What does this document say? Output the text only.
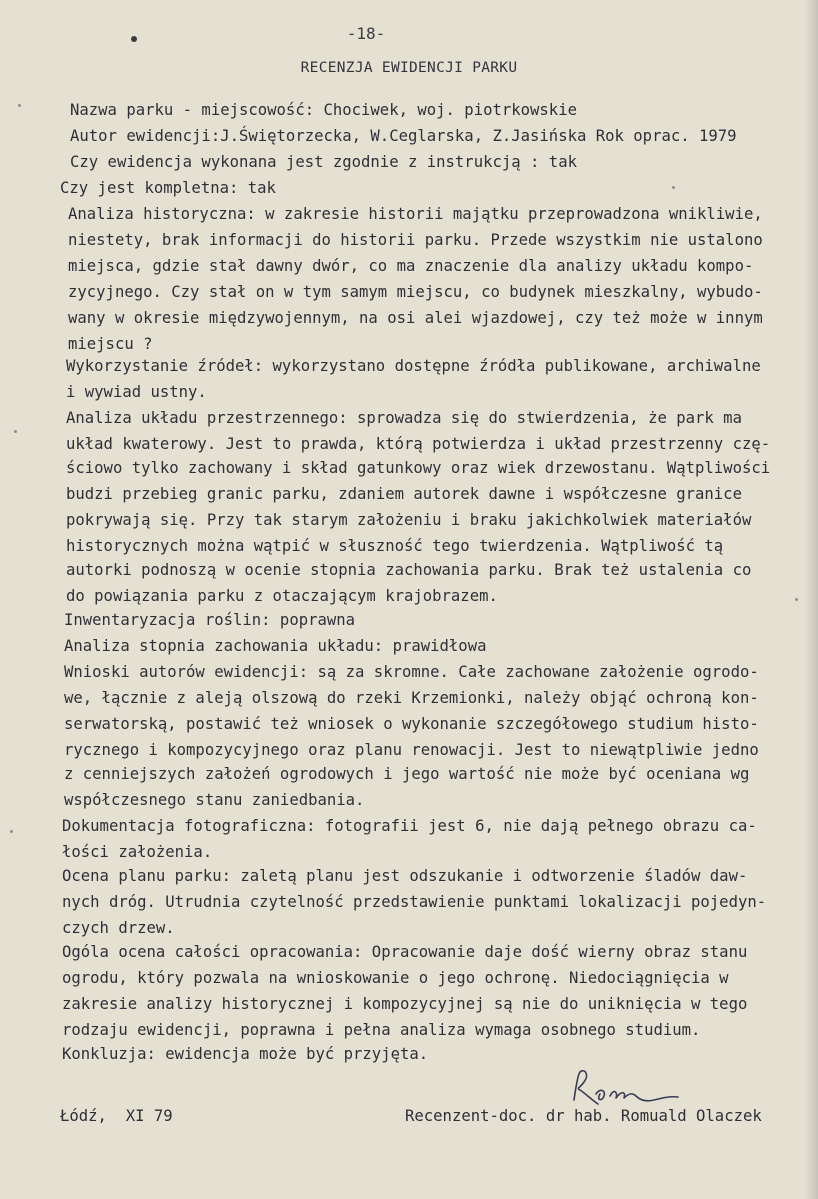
-18-
RECENZJA EWIDENCJI PARKU
Nazwa parku - miejscowość: Chociwek, woj. piotrkowskie
Autor ewidencji:J.Świętorzecka, W.Ceglarska, Z.Jasińska Rok oprac. 1979
Czy ewidencja wykonana jest zgodnie z instrukcją : tak
Czy jest kompletna: tak
Analiza historyczna: w zakresie historii majątku przeprowadzona wnikliwie,
niestety, brak informacji do historii parku. Przede wszystkim nie ustalono
miejsca, gdzie stał dawny dwór, co ma znaczenie dla analizy układu kompo-
zycyjnego. Czy stał on w tym samym miejscu, co budynek mieszkalny, wybudo-
wany w okresie międzywojennym, na osi alei wjazdowej, czy też może w innym
miejscu ?
Wykorzystanie źródeł: wykorzystano dostępne źródła publikowane, archiwalne
i wywiad ustny.
Analiza układu przestrzennego: sprowadza się do stwierdzenia, że park ma
układ kwaterowy. Jest to prawda, którą potwierdza i układ przestrzenny czę-
ściowo tylko zachowany i skład gatunkowy oraz wiek drzewostanu. Wątpliwości
budzi przebieg granic parku, zdaniem autorek dawne i współczesne granice
pokrywają się. Przy tak starym założeniu i braku jakichkolwiek materiałów
historycznych można wątpić w słuszność tego twierdzenia. Wątpliwość tą
autorki podnoszą w ocenie stopnia zachowania parku. Brak też ustalenia co
do powiązania parku z otaczającym krajobrazem.
Inwentaryzacja roślin: poprawna
Analiza stopnia zachowania układu: prawidłowa
Wnioski autorów ewidencji: są za skromne. Całe zachowane założenie ogrodo-
we, łącznie z aleją olszową do rzeki Krzemionki, należy objąć ochroną kon-
serwatorską, postawić też wniosek o wykonanie szczegółowego studium histo-
rycznego i kompozycyjnego oraz planu renowacji. Jest to niewątpliwie jedno
z cenniejszych założeń ogrodowych i jego wartość nie może być oceniana wg
współczesnego stanu zaniedbania.
Dokumentacja fotograficzna: fotografii jest 6, nie dają pełnego obrazu ca-
łości założenia.
Ocena planu parku: zaletą planu jest odszukanie i odtworzenie śladów daw-
nych dróg. Utrudnia czytelność przedstawienie punktami lokalizacji pojedyn-
czych drzew.
Ogóla ocena całości opracowania: Opracowanie daje dość wierny obraz stanu
ogrodu, który pozwala na wnioskowanie o jego ochronę. Niedociągnięcia w
zakresie analizy historycznej i kompozycyjnej są nie do uniknięcia w tego
rodzaju ewidencji, poprawna i pełna analiza wymaga osobnego studium.
Konkluzja: ewidencja może być przyjęta.
Łódź,  XI 79	Recenzent-doc. dr hab. Romuald Olaczek
